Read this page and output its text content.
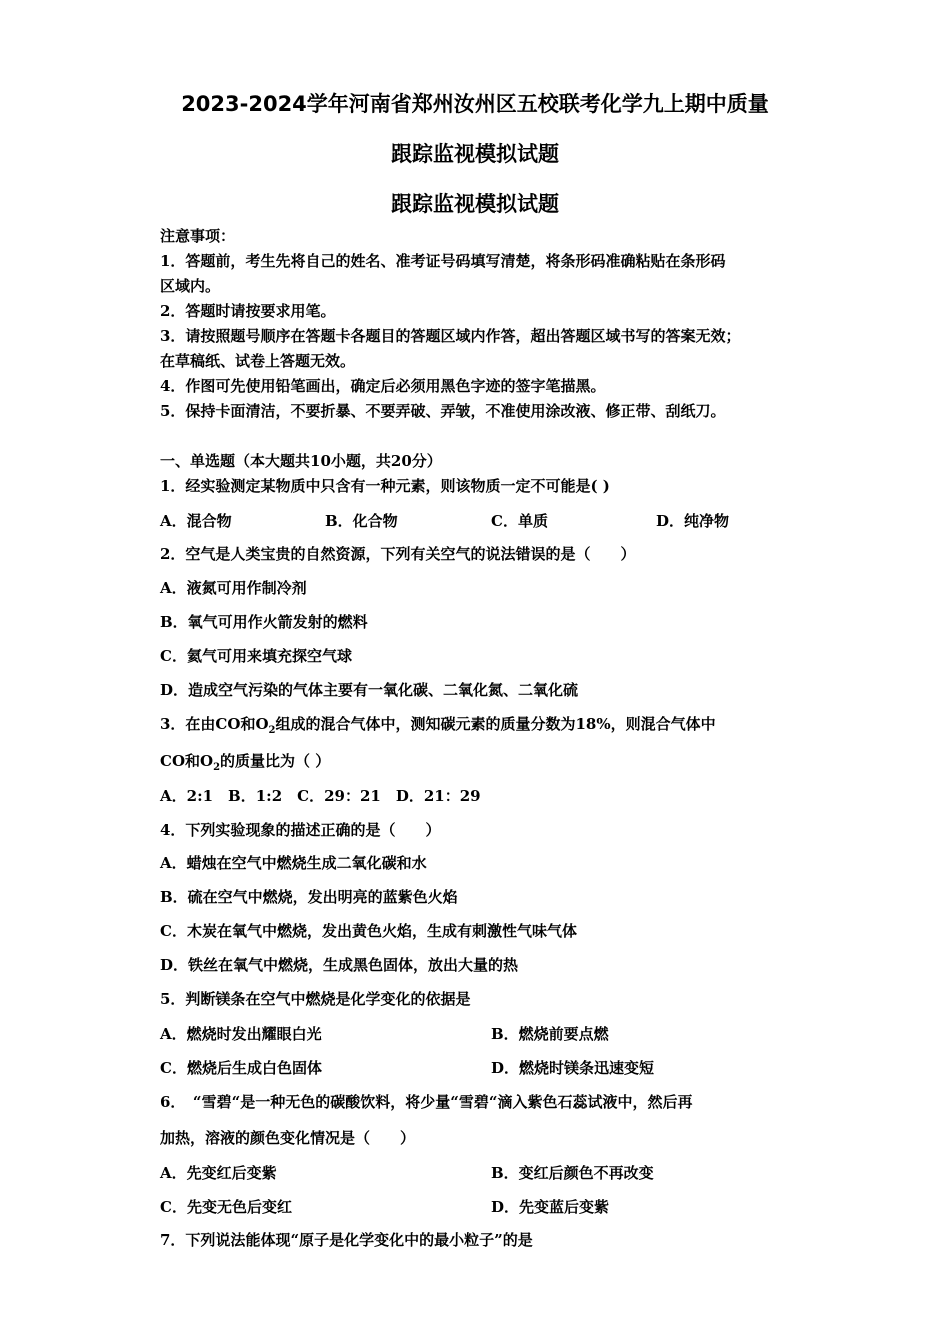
2023-2024学年河南省郑州汝州区五校联考化学九上期中质量
跟踪监视模拟试题
跟踪监视模拟试题
注意事项：
1．答题前，考生先将自己的姓名、准考证号码填写清楚，将条形码准确粘贴在条形码
区域内。
2．答题时请按要求用笔。
3．请按照题号顺序在答题卡各题目的答题区域内作答，超出答题区域书写的答案无效；
在草稿纸、试卷上答题无效。
4．作图可先使用铅笔画出，确定后必须用黑色字迹的签字笔描黑。
5．保持卡面清洁，不要折暴、不要弄破、弄皱，不准使用涂改液、修正带、刮纸刀。
一、单选题（本大题共10小题，共20分）
1．经实验测定某物质中只含有一种元素，则该物质一定不可能是( )
A．混合物	B．化合物	C．单质	D．纯净物
2．空气是人类宝贵的自然资源，下列有关空气的说法错误的是（　　）
A．液氮可用作制冷剂
B．氧气可用作火箭发射的燃料
C．氦气可用来填充探空气球
D．造成空气污染的气体主要有一氧化碳、二氧化氮、二氧化硫
3．在由CO和$O_2$组成的混合气体中，测知碳元素的质量分数为18%，则混合气体中
CO和$O_2$的质量比为（ ）
A．2:1　B．1:2　C．29：21　D．21：29
4．下列实验现象的描述正确的是（　　）
A．蜡烛在空气中燃烧生成二氧化碳和水
B．硫在空气中燃烧，发出明亮的蓝紫色火焰
C．木炭在氧气中燃烧，发出黄色火焰，生成有刺激性气味气体
D．铁丝在氧气中燃烧，生成黑色固体，放出大量的热
5．判断镁条在空气中燃烧是化学变化的依据是
A．燃烧时发出耀眼白光	B．燃烧前要点燃
C．燃烧后生成白色固体	D．燃烧时镁条迅速变短
6．　“雪碧“是一种无色的碳酸饮料，将少量“雪碧“滴入紫色石蕊试液中，然后再
加热，溶液的颜色变化情况是（　　）
A．先变红后变紫	B．变红后颜色不再改变
C．先变无色后变红	D．先变蓝后变紫
7．下列说法能体现“原子是化学变化中的最小粒子”的是
